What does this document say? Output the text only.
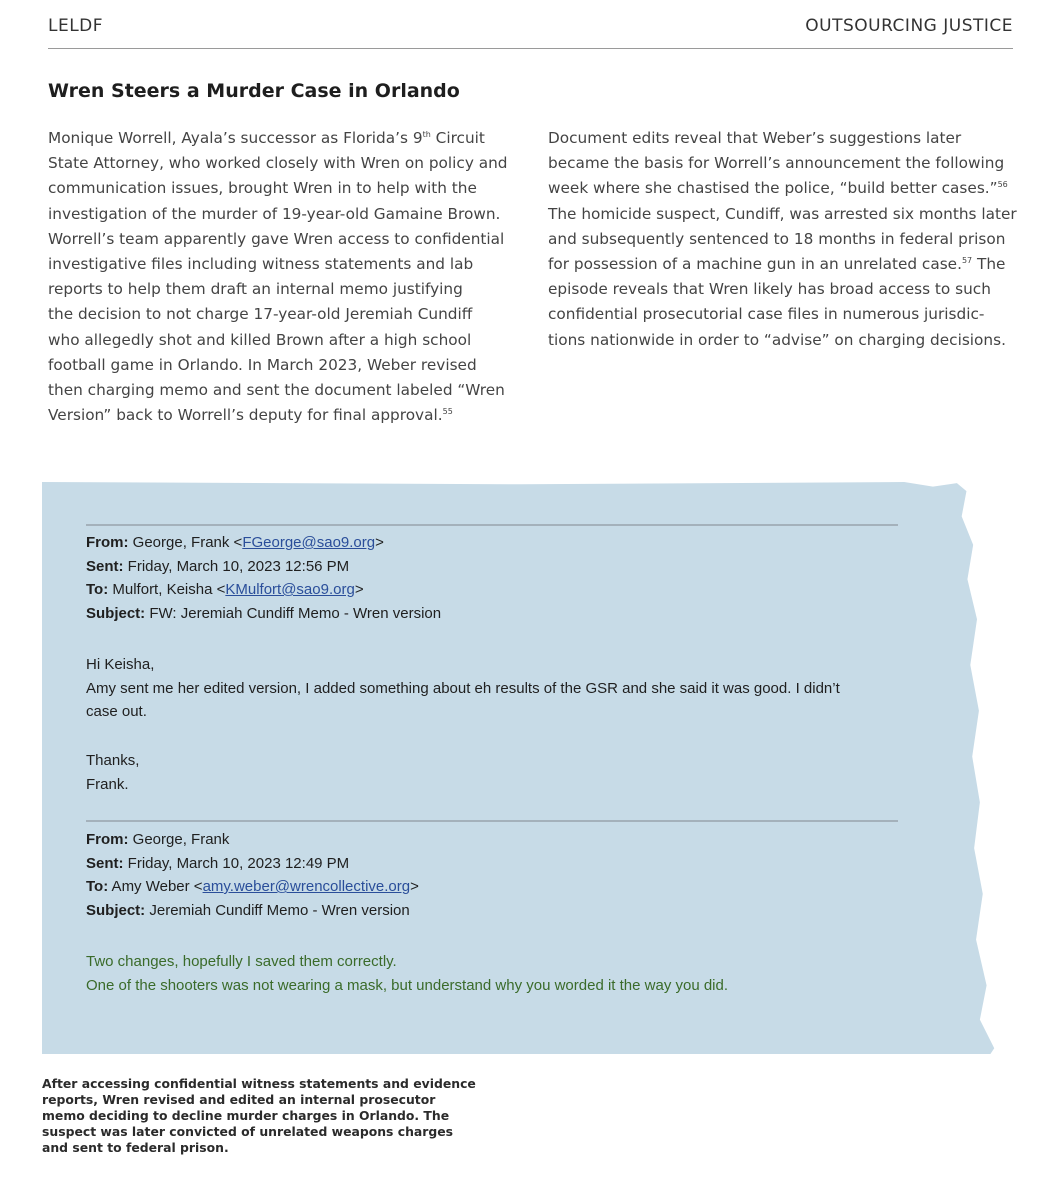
LELDF	OUTSOURCING JUSTICE
Wren Steers a Murder Case in Orlando
Monique Worrell, Ayala’s successor as Florida’s 9th Circuit
State Attorney, who worked closely with Wren on policy and
communication issues, brought Wren in to help with the
investigation of the murder of 19-year-old Gamaine Brown.
Worrell’s team apparently gave Wren access to confidential
investigative files including witness statements and lab
reports to help them draft an internal memo justifying
the decision to not charge 17-year-old Jeremiah Cundiff
who allegedly shot and killed Brown after a high school
football game in Orlando. In March 2023, Weber revised
then charging memo and sent the document labeled “Wren
Version” back to Worrell’s deputy for final approval.$^{55}$
Document edits reveal that Weber’s suggestions later
became the basis for Worrell’s announcement the following
week where she chastised the police, “build better cases.”$^{56}$
The homicide suspect, Cundiff, was arrested six months later
and subsequently sentenced to 18 months in federal prison
for possession of a machine gun in an unrelated case.$^{57}$ The
episode reveals that Wren likely has broad access to such
confidential prosecutorial case files in numerous jurisdic-
tions nationwide in order to “advise” on charging decisions.
From: George, Frank <FGeorge@sao9.org>
Sent: Friday, March 10, 2023 12:56 PM
To: Mulfort, Keisha <KMulfort@sao9.org>
Subject: FW: Jeremiah Cundiff Memo - Wren version
Hi Keisha,
Amy sent me her edited version, I added something about eh results of the GSR and she said it was good. I didn’t
case out.
Thanks,
Frank.
From: George, Frank
Sent: Friday, March 10, 2023 12:49 PM
To: Amy Weber <amy.weber@wrencollective.org>
Subject: Jeremiah Cundiff Memo - Wren version
Two changes, hopefully I saved them correctly.
One of the shooters was not wearing a mask, but understand why you worded it the way you did.
After accessing confidential witness statements and evidence reports, Wren revised and edited an internal prosecutor memo deciding to decline murder charges in Orlando. The suspect was later convicted of unrelated weapons charges and sent to federal prison.
